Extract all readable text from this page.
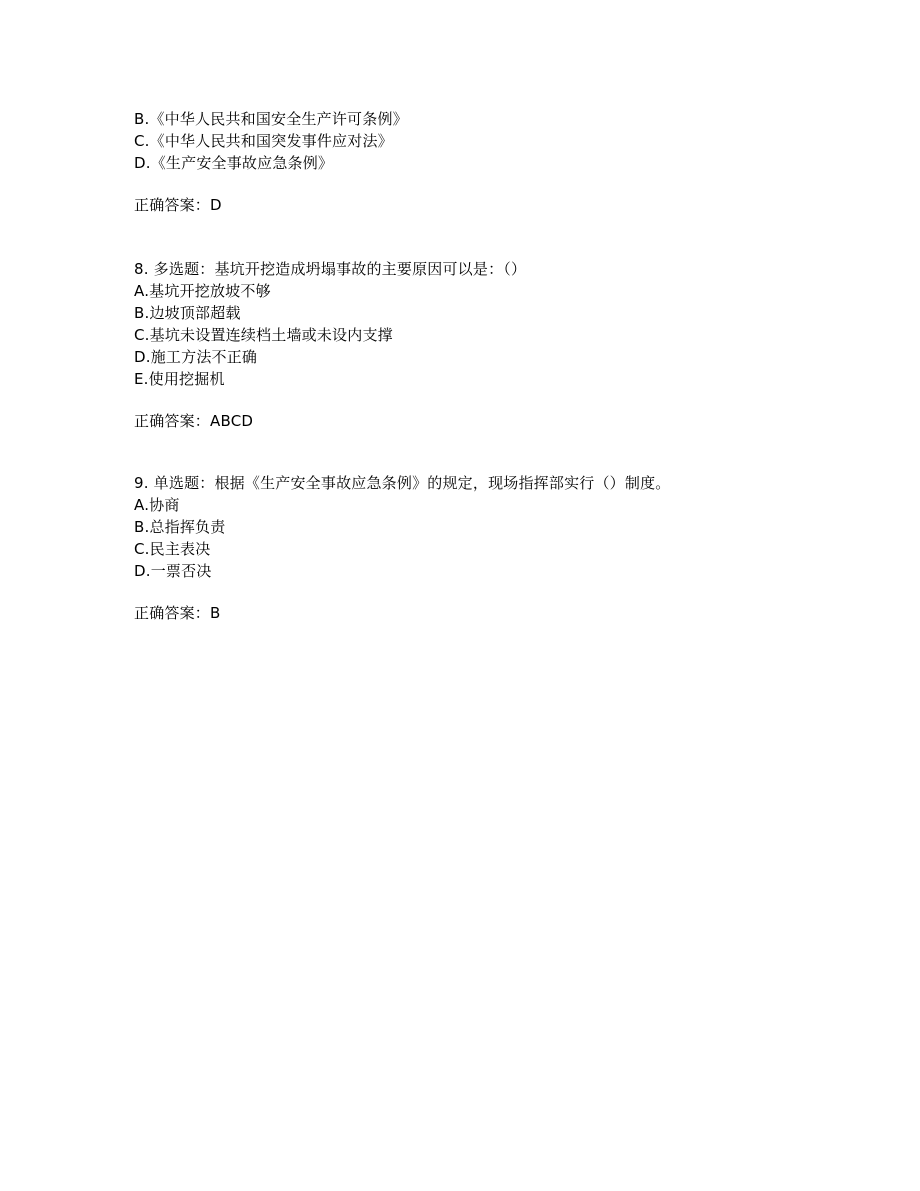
B.《中华人民共和国安全生产许可条例》
C.《中华人民共和国突发事件应对法》
D.《生产安全事故应急条例》
正确答案：D
8. 多选题：基坑开挖造成坍塌事故的主要原因可以是：（）
A.基坑开挖放坡不够
B.边坡顶部超载
C.基坑未设置连续档土墙或未设内支撑
D.施工方法不正确
E.使用挖掘机
正确答案：ABCD
9. 单选题：根据《生产安全事故应急条例》的规定，现场指挥部实行（）制度。
A.协商
B.总指挥负责
C.民主表决
D.一票否决
正确答案：B
